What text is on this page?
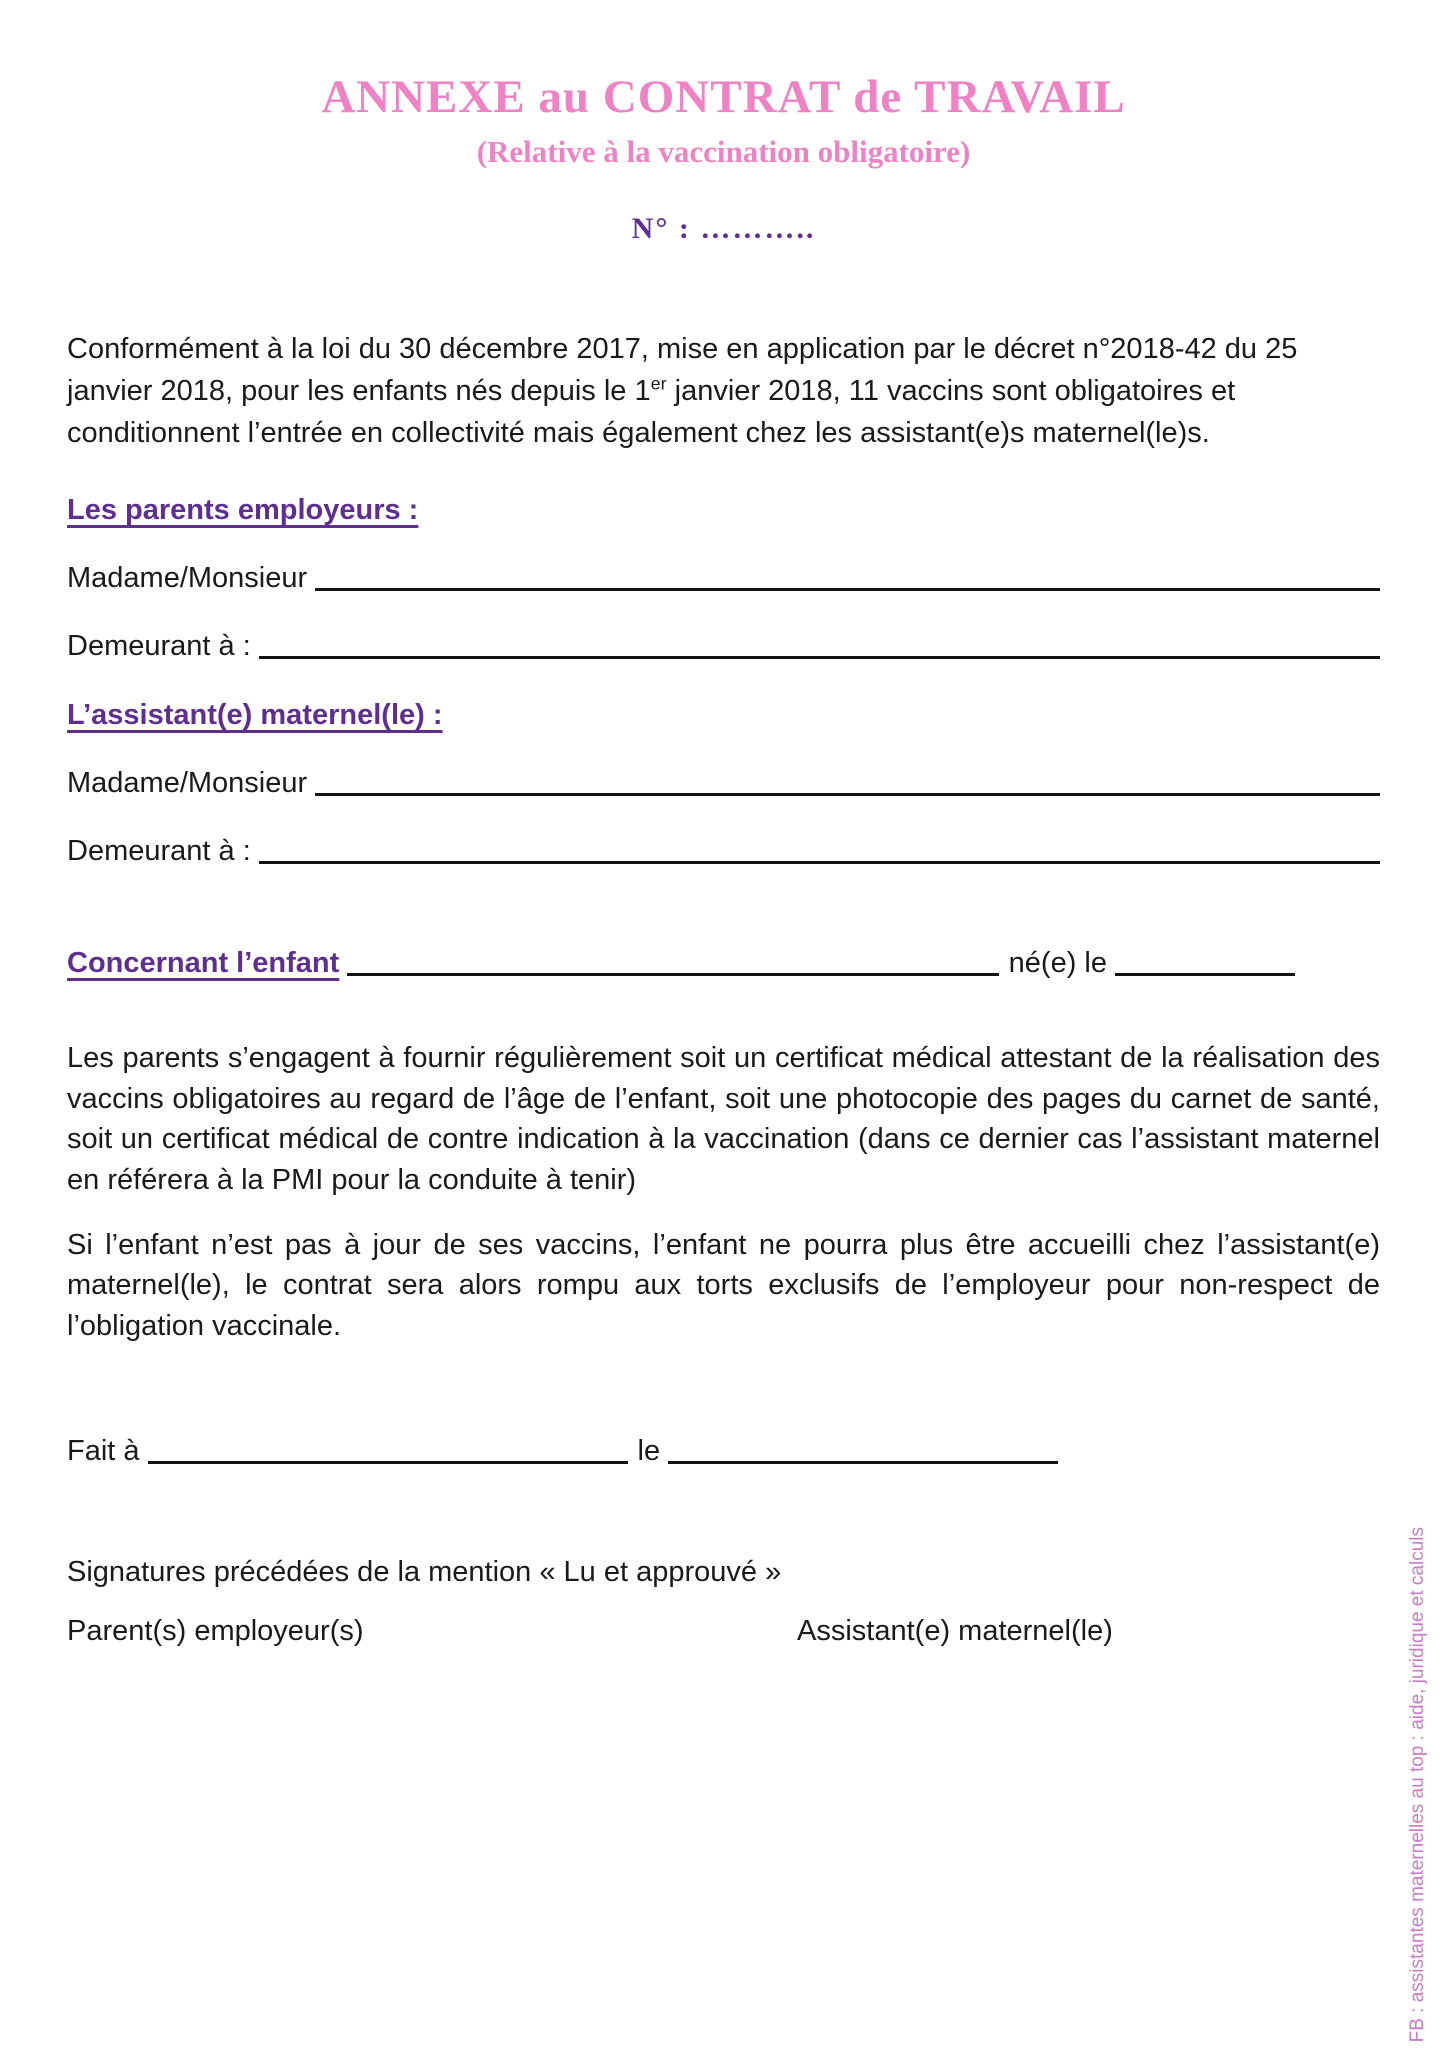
ANNEXE au CONTRAT de TRAVAIL
(Relative à la vaccination obligatoire)
N° : ………..

Conformément à la loi du 30 décembre 2017, mise en application par le décret n°2018-42 du 25 janvier 2018, pour les enfants nés depuis le 1er janvier 2018, 11 vaccins sont obligatoires et conditionnent l’entrée en collectivité mais également chez les assistant(e)s maternel(le)s.

Les parents employeurs :
Madame/Monsieur
Demeurant à :
L’assistant(e) maternel(le) :
Madame/Monsieur
Demeurant à :
Concernant l’enfant	né(e) le

Les parents s’engagent à fournir régulièrement soit un certificat médical attestant de la réalisation des vaccins obligatoires au regard de l’âge de l’enfant, soit une photocopie des pages du carnet de santé, soit un certificat médical de contre indication à la vaccination (dans ce dernier cas l’assistant maternel en référera à la PMI pour la conduite à tenir)

Si l’enfant n’est pas à jour de ses vaccins, l’enfant ne pourra plus être accueilli chez l’assistant(e) maternel(le), le contrat sera alors rompu aux torts exclusifs de l’employeur pour non-respect de l’obligation vaccinale.

Fait à	le
Signatures précédées de la mention « Lu et approuvé »
Parent(s) employeur(s)	Assistant(e) maternel(le)	FB : assistantes maternelles au top : aide, juridique et calculs
